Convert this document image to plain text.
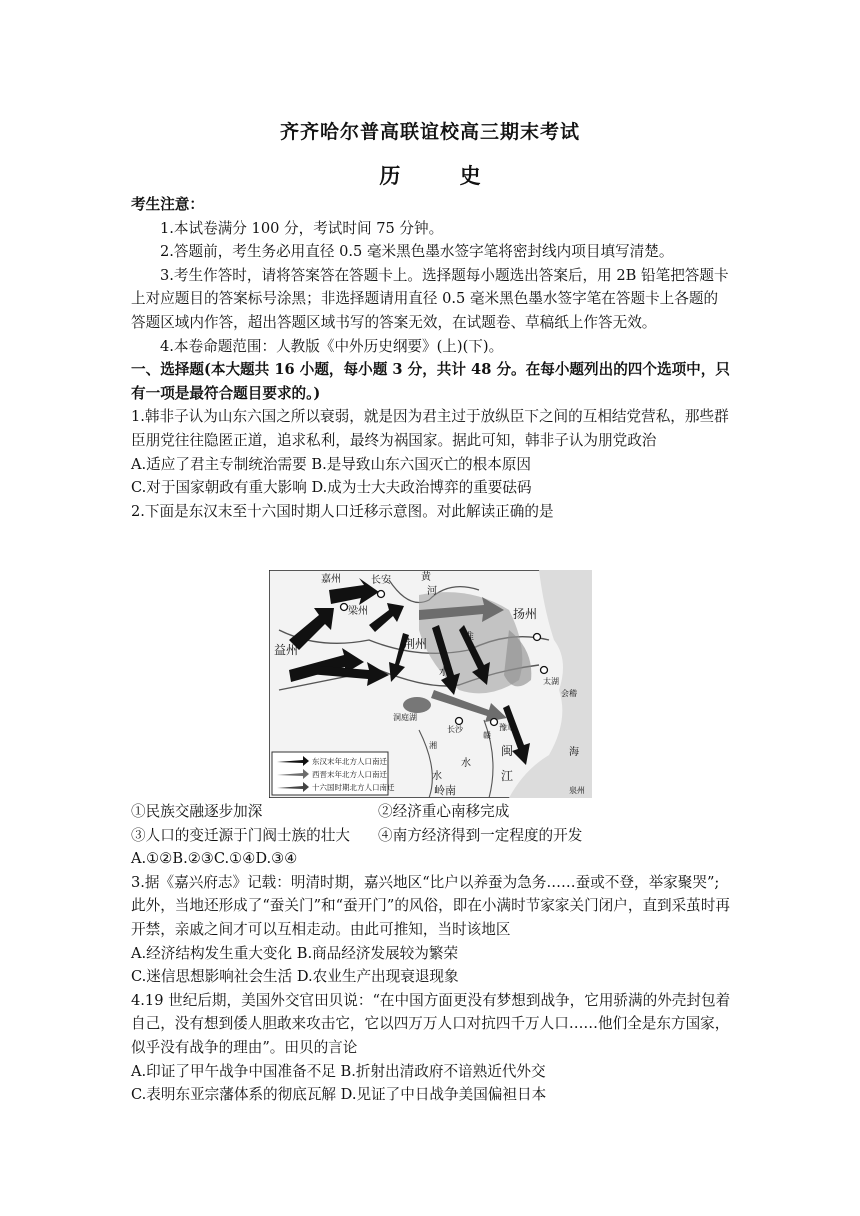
齐齐哈尔普高联谊校高三期末考试
历 史

考生注意：

1.本试卷满分 100 分，考试时间 75 分钟。

2.答题前，考生务必用直径 0.5 毫米黑色墨水签字笔将密封线内项目填写清楚。

3.考生作答时，请将答案答在答题卡上。选择题每小题选出答案后，用 2B 铅笔把答题卡上对应题目的答案标号涂黑；非选择题请用直径 0.5 毫米黑色墨水签字笔在答题卡上各题的答题区域内作答，超出答题区域书写的答案无效，在试题卷、草稿纸上作答无效。

4.本卷命题范围：人教版《中外历史纲要》(上)(下)。

一、选择题(本大题共 16 小题，每小题 3 分，共计 48 分。在每小题列出的四个选项中，只有一项是最符合题目要求的。)

1.韩非子认为山东六国之所以衰弱，就是因为君主过于放纵臣下之间的互相结党营私，那些群臣朋党往往隐匿正道，追求私利，最终为祸国家。据此可知，韩非子认为朋党政治

A.适应了君主专制统治需要 B.是导致山东六国灭亡的根本原因

C.对于国家朝政有重大影响 D.成为士大夫政治博弈的重要砝码

2.下面是东汉末至十六国时期人口迁移示意图。对此解读正确的是

嘉州	长安	黄
河
梁州	扬州
淮
益州	荆州
太湖
会稽
水
洞庭湖
长沙	豫章
赣
湘	闽
水
江
水
岭南
海
泉州
东汉末年北方人口南迁
西晋末年北方人口南迁
十六国时期北方人口南迁

①民族交融逐步加深	②经济重心南移完成

③人口的变迁源于门阀士族的壮大	④南方经济得到一定程度的开发

A.①②B.②③C.①④D.③④

3.据《嘉兴府志》记载：明清时期，嘉兴地区“比户以养蚕为急务……蚕或不登，举家聚哭”;此外，当地还形成了“蚕关门”和“蚕开门”的风俗，即在小满时节家家关门闭户，直到采茧时再开禁，亲戚之间才可以互相走动。由此可推知，当时该地区

A.经济结构发生重大变化 B.商品经济发展较为繁荣

C.迷信思想影响社会生活 D.农业生产出现衰退现象

4.19 世纪后期，美国外交官田贝说：“在中国方面更没有梦想到战争，它用骄满的外壳封包着自己，没有想到倭人胆敢来攻击它，它以四万万人口对抗四千万人口……他们全是东方国家，似乎没有战争的理由”。田贝的言论

A.印证了甲午战争中国准备不足 B.折射出清政府不谙熟近代外交

C.表明东亚宗藩体系的彻底瓦解 D.见证了中日战争美国偏袒日本
